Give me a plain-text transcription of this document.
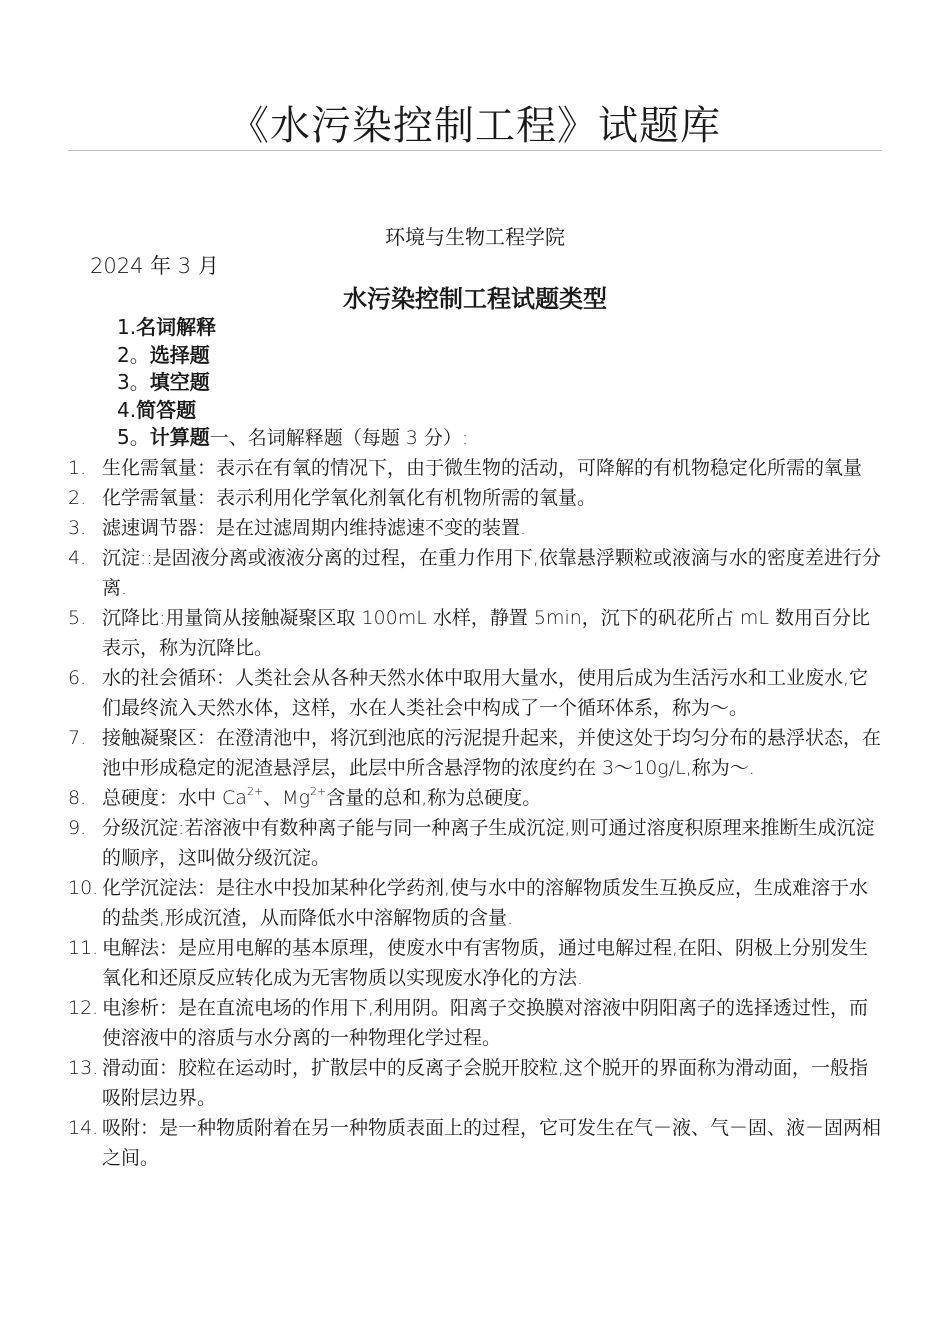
《水污染控制工程》试题库
环境与生物工程学院
2024 年 3 月
水污染控制工程试题类型
1.名词解释
2。选择题
3。填空题
4.简答题
5。计算题一、名词解释题（每题 3 分）:
1. 生化需氧量：表示在有氧的情况下，由于微生物的活动，可降解的有机物稳定化所需的氧量
2. 化学需氧量：表示利用化学氧化剂氧化有机物所需的氧量。
3. 滤速调节器：是在过滤周期内维持滤速不变的装置.
4. 沉淀::是固液分离或液液分离的过程，在重力作用下,依靠悬浮颗粒或液滴与水的密度差进行分离.
5. 沉降比:用量筒从接触凝聚区取 100mL 水样，静置 5min，沉下的矾花所占 mL 数用百分比表示，称为沉降比。
6. 水的社会循环：人类社会从各种天然水体中取用大量水，使用后成为生活污水和工业废水,它们最终流入天然水体，这样，水在人类社会中构成了一个循环体系，称为～。
7. 接触凝聚区：在澄清池中，将沉到池底的污泥提升起来，并使这处于均匀分布的悬浮状态，在池中形成稳定的泥渣悬浮层，此层中所含悬浮物的浓度约在 3～10g/L,称为～.
8. 总硬度：水中 $Ca^{2+}$、$Mg^{2+}$含量的总和,称为总硬度。
9. 分级沉淀:若溶液中有数种离子能与同一种离子生成沉淀,则可通过溶度积原理来推断生成沉淀的顺序，这叫做分级沉淀。
10. 化学沉淀法：是往水中投加某种化学药剂,使与水中的溶解物质发生互换反应，生成难溶于水的盐类,形成沉渣，从而降低水中溶解物质的含量.
11. 电解法：是应用电解的基本原理，使废水中有害物质，通过电解过程,在阳、阴极上分别发生氧化和还原反应转化成为无害物质以实现废水净化的方法.
12. 电渗析：是在直流电场的作用下,利用阴。阳离子交换膜对溶液中阴阳离子的选择透过性，而使溶液中的溶质与水分离的一种物理化学过程。
13. 滑动面：胶粒在运动时，扩散层中的反离子会脱开胶粒,这个脱开的界面称为滑动面，一般指吸附层边界。
14. 吸附：是一种物质附着在另一种物质表面上的过程，它可发生在气－液、气－固、液－固两相之间。
